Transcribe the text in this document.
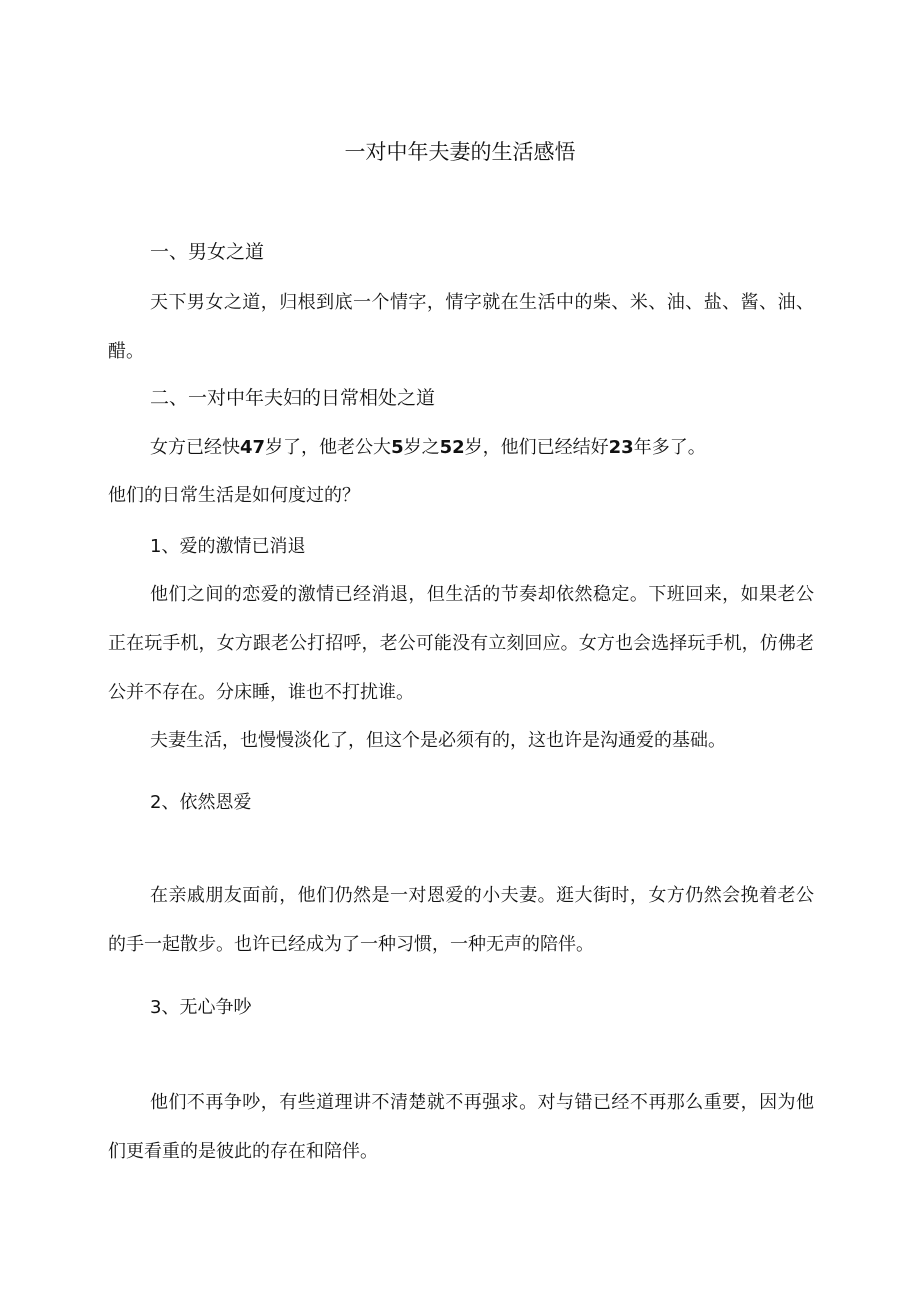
一对中年夫妻的生活感悟
一、男女之道

天下男女之道，归根到底一个情字，情字就在生活中的柴、米、油、盐、酱、油、醋。

二、一对中年夫妇的日常相处之道

女方已经快47岁了，他老公大5岁之52岁，他们已经结好23年多了。

他们的日常生活是如何度过的？

1、爱的激情已消退

他们之间的恋爱的激情已经消退，但生活的节奏却依然稳定。下班回来，如果老公正在玩手机，女方跟老公打招呼，老公可能没有立刻回应。女方也会选择玩手机，仿佛老公并不存在。分床睡，谁也不打扰谁。

夫妻生活，也慢慢淡化了，但这个是必须有的，这也许是沟通爱的基础。

2、依然恩爱

在亲戚朋友面前，他们仍然是一对恩爱的小夫妻。逛大街时，女方仍然会挽着老公的手一起散步。也许已经成为了一种习惯，一种无声的陪伴。

3、无心争吵

他们不再争吵，有些道理讲不清楚就不再强求。对与错已经不再那么重要，因为他们更看重的是彼此的存在和陪伴。
